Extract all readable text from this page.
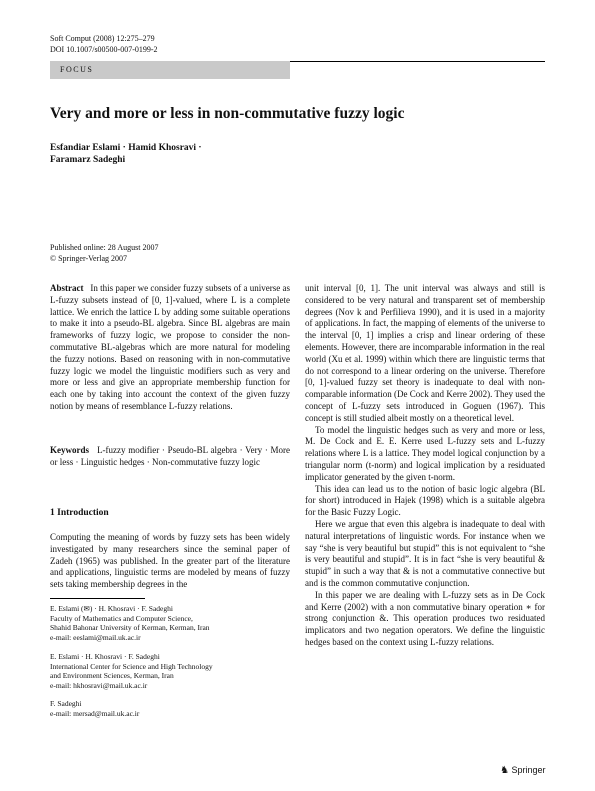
Soft Comput (2008) 12:275–279
DOI 10.1007/s00500-007-0199-2
FOCUS
Very and more or less in non-commutative fuzzy logic
Esfandiar Eslami · Hamid Khosravi ·
Faramarz Sadeghi
Published online: 28 August 2007
© Springer-Verlag 2007

Abstract In this paper we consider fuzzy subsets of a universe as L-fuzzy subsets instead of [0, 1]-valued, where L is a complete lattice. We enrich the lattice L by adding some suitable operations to make it into a pseudo-BL algebra. Since BL algebras are main frameworks of fuzzy logic, we propose to consider the non-commutative BL-algebras which are more natural for modeling the fuzzy notions. Based on reasoning with in non-commutative fuzzy logic we model the linguistic modifiers such as very and more or less and give an appropriate membership function for each one by taking into account the context of the given fuzzy notion by means of resemblance L-fuzzy relations.

Keywords L-fuzzy modifier · Pseudo-BL algebra · Very · More or less · Linguistic hedges · Non-commutative fuzzy logic

1 Introduction

Computing the meaning of words by fuzzy sets has been widely investigated by many researchers since the seminal paper of Zadeh (1965) was published. In the greater part of the literature and applications, linguistic terms are modeled by means of fuzzy sets taking membership degrees in the

E. Eslami (✉) · H. Khosravi · F. Sadeghi
Faculty of Mathematics and Computer Science,
Shahid Bahonar University of Kerman, Kerman, Iran
e-mail: eeslami@mail.uk.ac.ir
E. Eslami · H. Khosravi · F. Sadeghi
International Center for Science and High Technology
and Environment Sciences, Kerman, Iran
e-mail: hkhosravi@mail.uk.ac.ir
F. Sadeghi
e-mail: mersad@mail.uk.ac.ir

unit interval [0, 1]. The unit interval was always and still is considered to be very natural and transparent set of membership degrees (Nov k and Perfilieva 1990), and it is used in a majority of applications. In fact, the mapping of elements of the universe to the interval [0, 1] implies a crisp and linear ordering of these elements. However, there are incomparable information in the real world (Xu et al. 1999) within which there are linguistic terms that do not correspond to a linear ordering on the universe. Therefore [0, 1]-valued fuzzy set theory is inadequate to deal with non-comparable information (De Cock and Kerre 2002). They used the concept of L-fuzzy sets introduced in Goguen (1967). This concept is still studied albeit mostly on a theoretical level.

To model the linguistic hedges such as very and more or less, M. De Cock and E. E. Kerre used L-fuzzy sets and L-fuzzy relations where L is a lattice. They model logical conjunction by a triangular norm (t-norm) and logical implication by a residuated implicator generated by the given t-norm.

This idea can lead us to the notion of basic logic algebra (BL for short) introduced in Hajek (1998) which is a suitable algebra for the Basic Fuzzy Logic.

Here we argue that even this algebra is inadequate to deal with natural interpretations of linguistic words. For instance when we say “she is very beautiful but stupid” this is not equivalent to “she is very beautiful and stupid”. It is in fact “she is very beautiful & stupid” in such a way that & is not a commutative connective but and is the common commutative conjunction.

In this paper we are dealing with L-fuzzy sets as in De Cock and Kerre (2002) with a non commutative binary operation ∗ for strong conjunction &. This operation produces two residuated implicators and two negation operators. We define the linguistic hedges based on the context using L-fuzzy relations.

♞ Springer
